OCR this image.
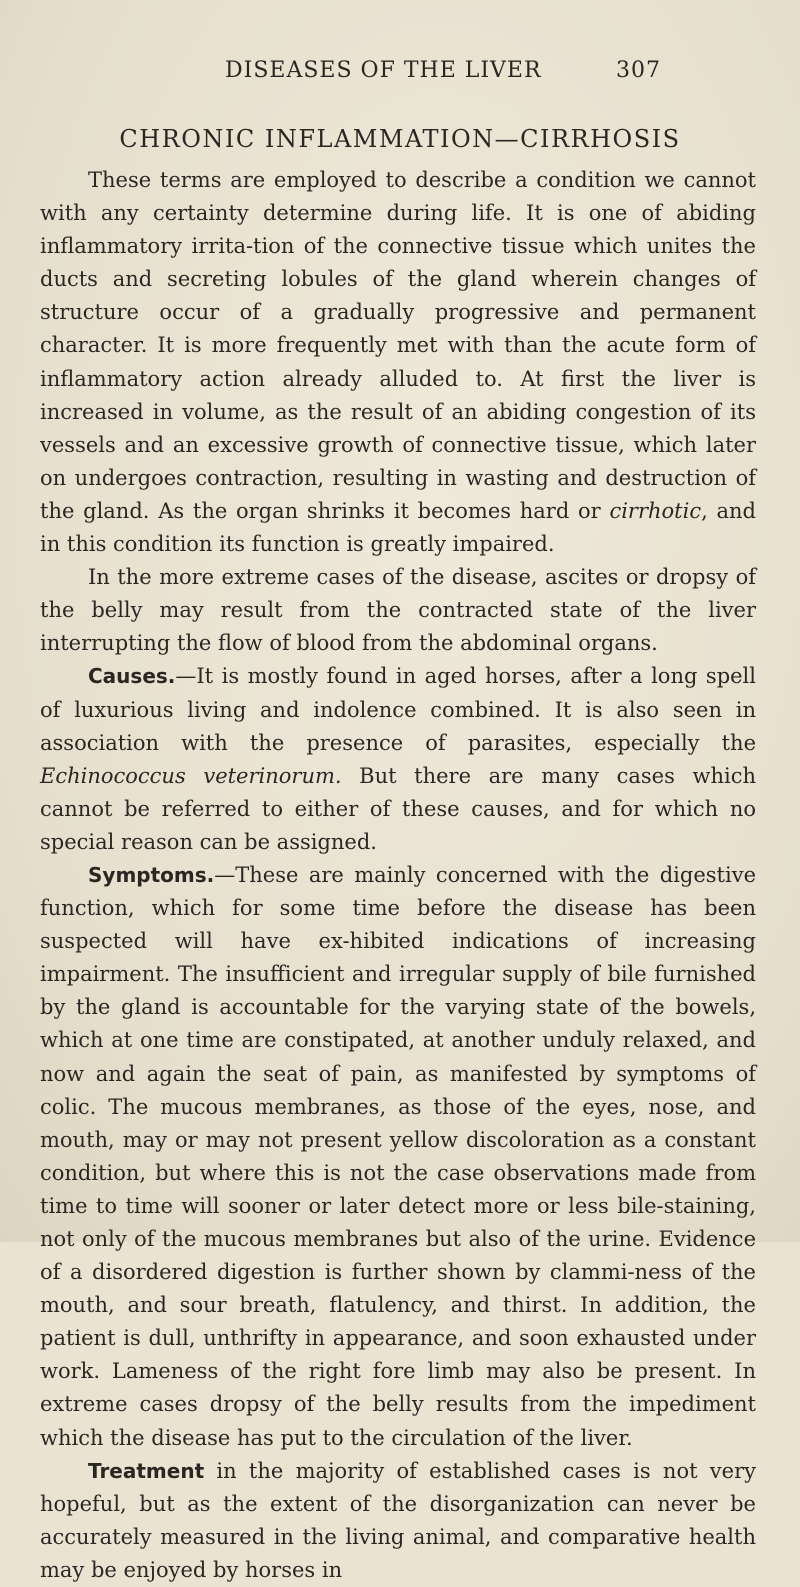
DISEASES OF THE LIVER	307
CHRONIC INFLAMMATION—CIRRHOSIS

These terms are employed to describe a condition we cannot with any certainty determine during life. It is one of abiding inflammatory irrita-tion of the connective tissue which unites the ducts and secreting lobules of the gland wherein changes of structure occur of a gradually progressive and permanent character. It is more frequently met with than the acute form of inflammatory action already alluded to. At first the liver is increased in volume, as the result of an abiding congestion of its vessels and an excessive growth of connective tissue, which later on undergoes contraction, resulting in wasting and destruction of the gland. As the organ shrinks it becomes hard or cirrhotic, and in this condition its function is greatly impaired.

In the more extreme cases of the disease, ascites or dropsy of the belly may result from the contracted state of the liver interrupting the flow of blood from the abdominal organs.

Causes.—It is mostly found in aged horses, after a long spell of luxurious living and indolence combined. It is also seen in association with the presence of parasites, especially the Echinococcus veterinorum. But there are many cases which cannot be referred to either of these causes, and for which no special reason can be assigned.

Symptoms.—These are mainly concerned with the digestive function, which for some time before the disease has been suspected will have ex-hibited indications of increasing impairment. The insufficient and irregular supply of bile furnished by the gland is accountable for the varying state of the bowels, which at one time are constipated, at another unduly relaxed, and now and again the seat of pain, as manifested by symptoms of colic. The mucous membranes, as those of the eyes, nose, and mouth, may or may not present yellow discoloration as a constant condition, but where this is not the case observations made from time to time will sooner or later detect more or less bile-staining, not only of the mucous membranes but also of the urine. Evidence of a disordered digestion is further shown by clammi-ness of the mouth, and sour breath, flatulency, and thirst. In addition, the patient is dull, unthrifty in appearance, and soon exhausted under work. Lameness of the right fore limb may also be present. In extreme cases dropsy of the belly results from the impediment which the disease has put to the circulation of the liver.

Treatment in the majority of established cases is not very hopeful, but as the extent of the disorganization can never be accurately measured in the living animal, and comparative health may be enjoyed by horses in
